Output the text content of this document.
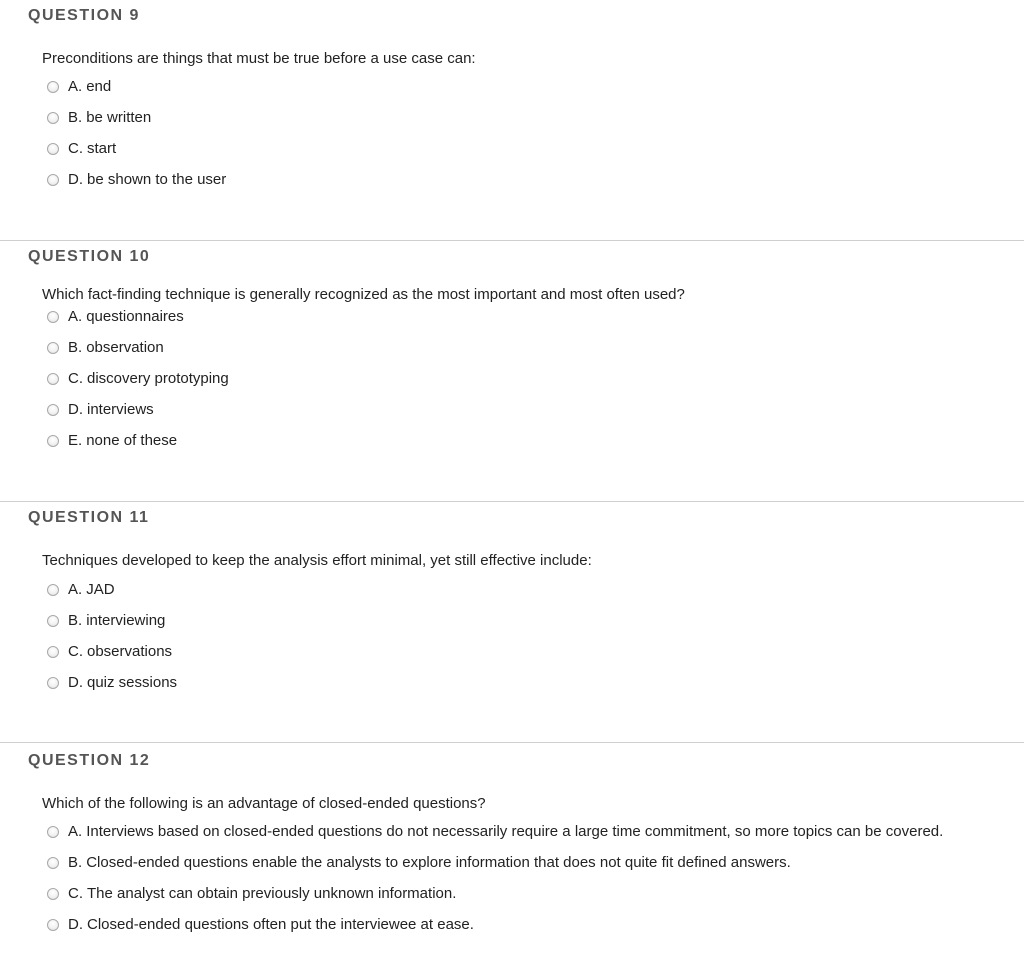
QUESTION 9
Preconditions are things that must be true before a use case can:
A. end
B. be written
C. start
D. be shown to the user
QUESTION 10
Which fact-finding technique is generally recognized as the most important and most often used?
A. questionnaires
B. observation
C. discovery prototyping
D. interviews
E. none of these
QUESTION 11
Techniques developed to keep the analysis effort minimal, yet still effective include:
A. JAD
B. interviewing
C. observations
D. quiz sessions
QUESTION 12
Which of the following is an advantage of closed-ended questions?
A. Interviews based on closed-ended questions do not necessarily require a large time commitment, so more topics can be covered.
B. Closed-ended questions enable the analysts to explore information that does not quite fit defined answers.
C. The analyst can obtain previously unknown information.
D. Closed-ended questions often put the interviewee at ease.
